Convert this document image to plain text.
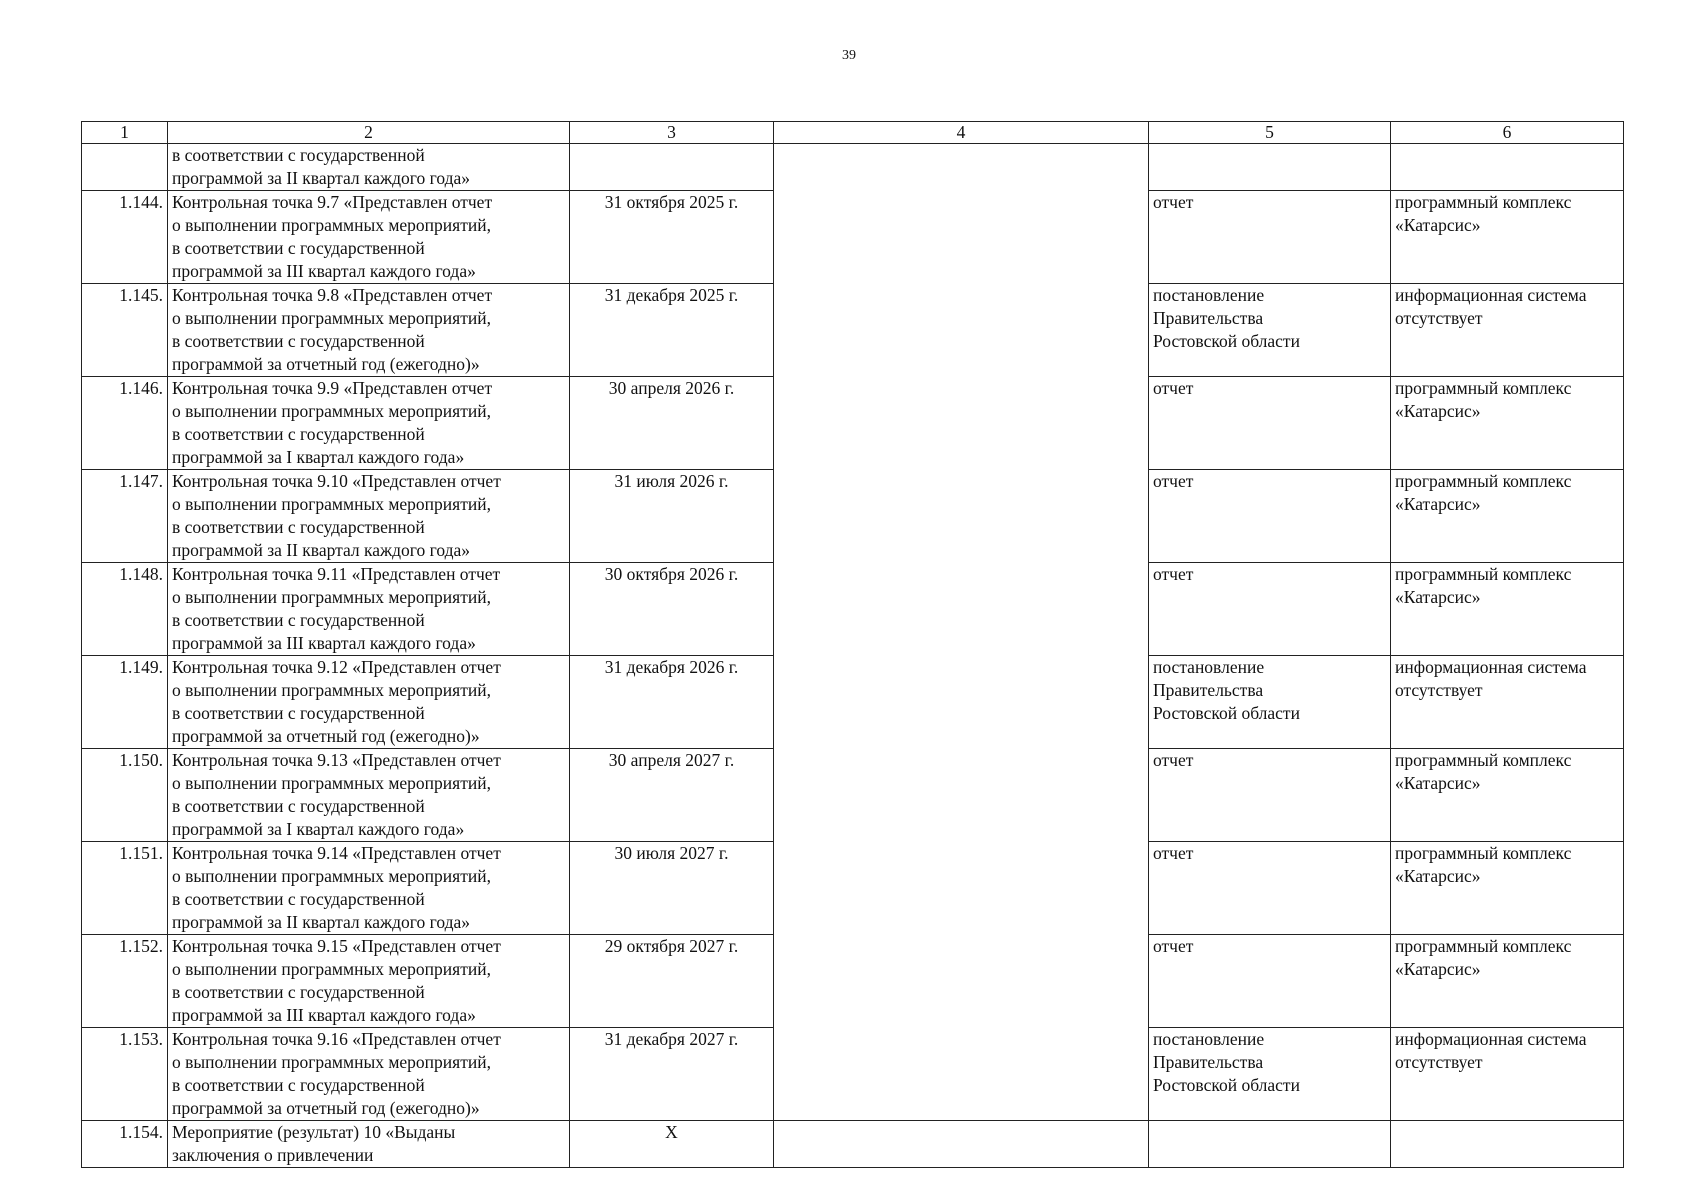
39
1	2	3	4	5	6

	в соответствии с государственной
программой за II квартал каждого года»				

1.144.	Контрольная точка 9.7 «Представлен отчет
о выполнении программных мероприятий,
в соответствии с государственной
программой за III квартал каждого года»	31 октября 2025 г.		отчет	программный комплекс
«Катарсис»

1.145.	Контрольная точка 9.8 «Представлен отчет
о выполнении программных мероприятий,
в соответствии с государственной
программой за отчетный год (ежегодно)»	31 декабря 2025 г.		постановление
Правительства
Ростовской области	информационная система
отсутствует

1.146.	Контрольная точка 9.9 «Представлен отчет
о выполнении программных мероприятий,
в соответствии с государственной
программой за I квартал каждого года»	30 апреля 2026 г.		отчет	программный комплекс
«Катарсис»

1.147.	Контрольная точка 9.10 «Представлен отчет
о выполнении программных мероприятий,
в соответствии с государственной
программой за II квартал каждого года»	31 июля 2026 г.		отчет	программный комплекс
«Катарсис»

1.148.	Контрольная точка 9.11 «Представлен отчет
о выполнении программных мероприятий,
в соответствии с государственной
программой за III квартал каждого года»	30 октября 2026 г.		отчет	программный комплекс
«Катарсис»

1.149.	Контрольная точка 9.12 «Представлен отчет
о выполнении программных мероприятий,
в соответствии с государственной
программой за отчетный год (ежегодно)»	31 декабря 2026 г.		постановление
Правительства
Ростовской области	информационная система
отсутствует

1.150.	Контрольная точка 9.13 «Представлен отчет
о выполнении программных мероприятий,
в соответствии с государственной
программой за I квартал каждого года»	30 апреля 2027 г.		отчет	программный комплекс
«Катарсис»

1.151.	Контрольная точка 9.14 «Представлен отчет
о выполнении программных мероприятий,
в соответствии с государственной
программой за II квартал каждого года»	30 июля 2027 г.		отчет	программный комплекс
«Катарсис»

1.152.	Контрольная точка 9.15 «Представлен отчет
о выполнении программных мероприятий,
в соответствии с государственной
программой за III квартал каждого года»	29 октября 2027 г.		отчет	программный комплекс
«Катарсис»

1.153.	Контрольная точка 9.16 «Представлен отчет
о выполнении программных мероприятий,
в соответствии с государственной
программой за отчетный год (ежегодно)»	31 декабря 2027 г.		постановление
Правительства
Ростовской области	информационная система
отсутствует

1.154.	Мероприятие (результат) 10 «Выданы
заключения о привлечении	X			
